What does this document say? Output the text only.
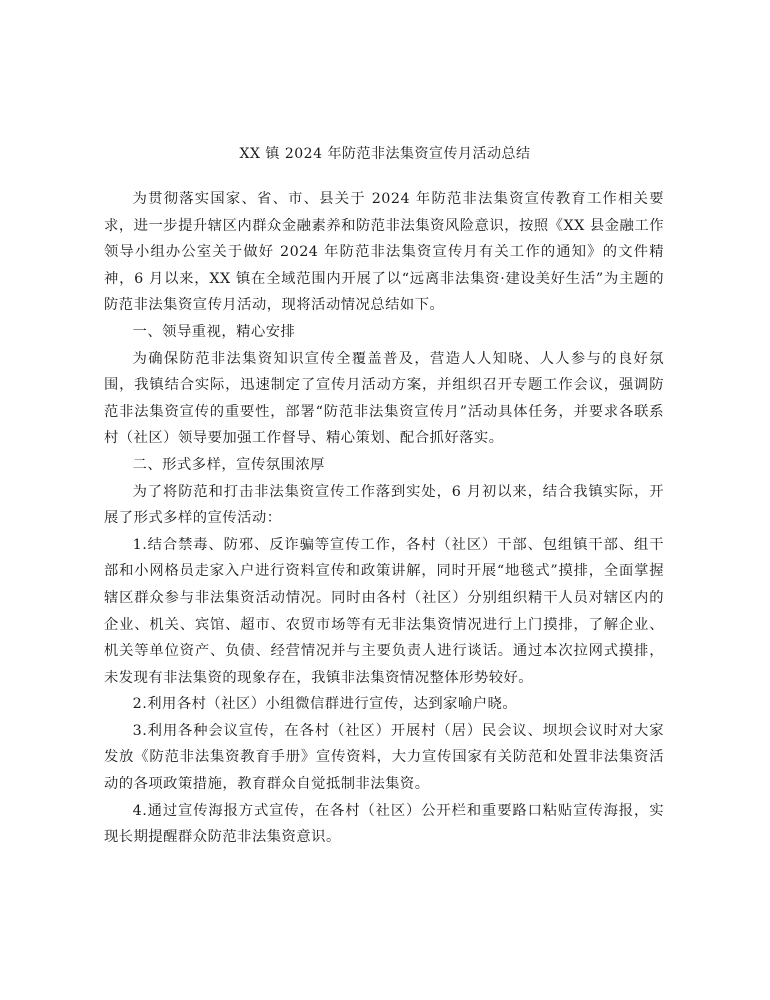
XX 镇 2024 年防范非法集资宣传月活动总结

为贯彻落实国家、省、市、县关于 2024 年防范非法集资宣传教育工作相关要求，进一步提升辖区内群众金融素养和防范非法集资风险意识，按照《XX 县金融工作领导小组办公室关于做好 2024 年防范非法集资宣传月有关工作的通知》的文件精神，6 月以来，XX 镇在全域范围内开展了以“远离非法集资·建设美好生活”为主题的防范非法集资宣传月活动，现将活动情况总结如下。

一、领导重视，精心安排

为确保防范非法集资知识宣传全覆盖普及，营造人人知晓、人人参与的良好氛围，我镇结合实际，迅速制定了宣传月活动方案，并组织召开专题工作会议，强调防范非法集资宣传的重要性，部署“防范非法集资宣传月”活动具体任务，并要求各联系村（社区）领导要加强工作督导、精心策划、配合抓好落实。

二、形式多样，宣传氛围浓厚

为了将防范和打击非法集资宣传工作落到实处，6 月初以来，结合我镇实际，开展了形式多样的宣传活动：

1.结合禁毒、防邪、反诈骗等宣传工作，各村（社区）干部、包组镇干部、组干部和小网格员走家入户进行资料宣传和政策讲解，同时开展“地毯式”摸排，全面掌握辖区群众参与非法集资活动情况。同时由各村（社区）分别组织精干人员对辖区内的企业、机关、宾馆、超市、农贸市场等有无非法集资情况进行上门摸排，了解企业、机关等单位资产、负债、经营情况并与主要负责人进行谈话。通过本次拉网式摸排，未发现有非法集资的现象存在，我镇非法集资情况整体形势较好。

2.利用各村（社区）小组微信群进行宣传，达到家喻户晓。

3.利用各种会议宣传，在各村（社区）开展村（居）民会议、坝坝会议时对大家发放《防范非法集资教育手册》宣传资料，大力宣传国家有关防范和处置非法集资活动的各项政策措施，教育群众自觉抵制非法集资。

4.通过宣传海报方式宣传，在各村（社区）公开栏和重要路口粘贴宣传海报，实现长期提醒群众防范非法集资意识。
